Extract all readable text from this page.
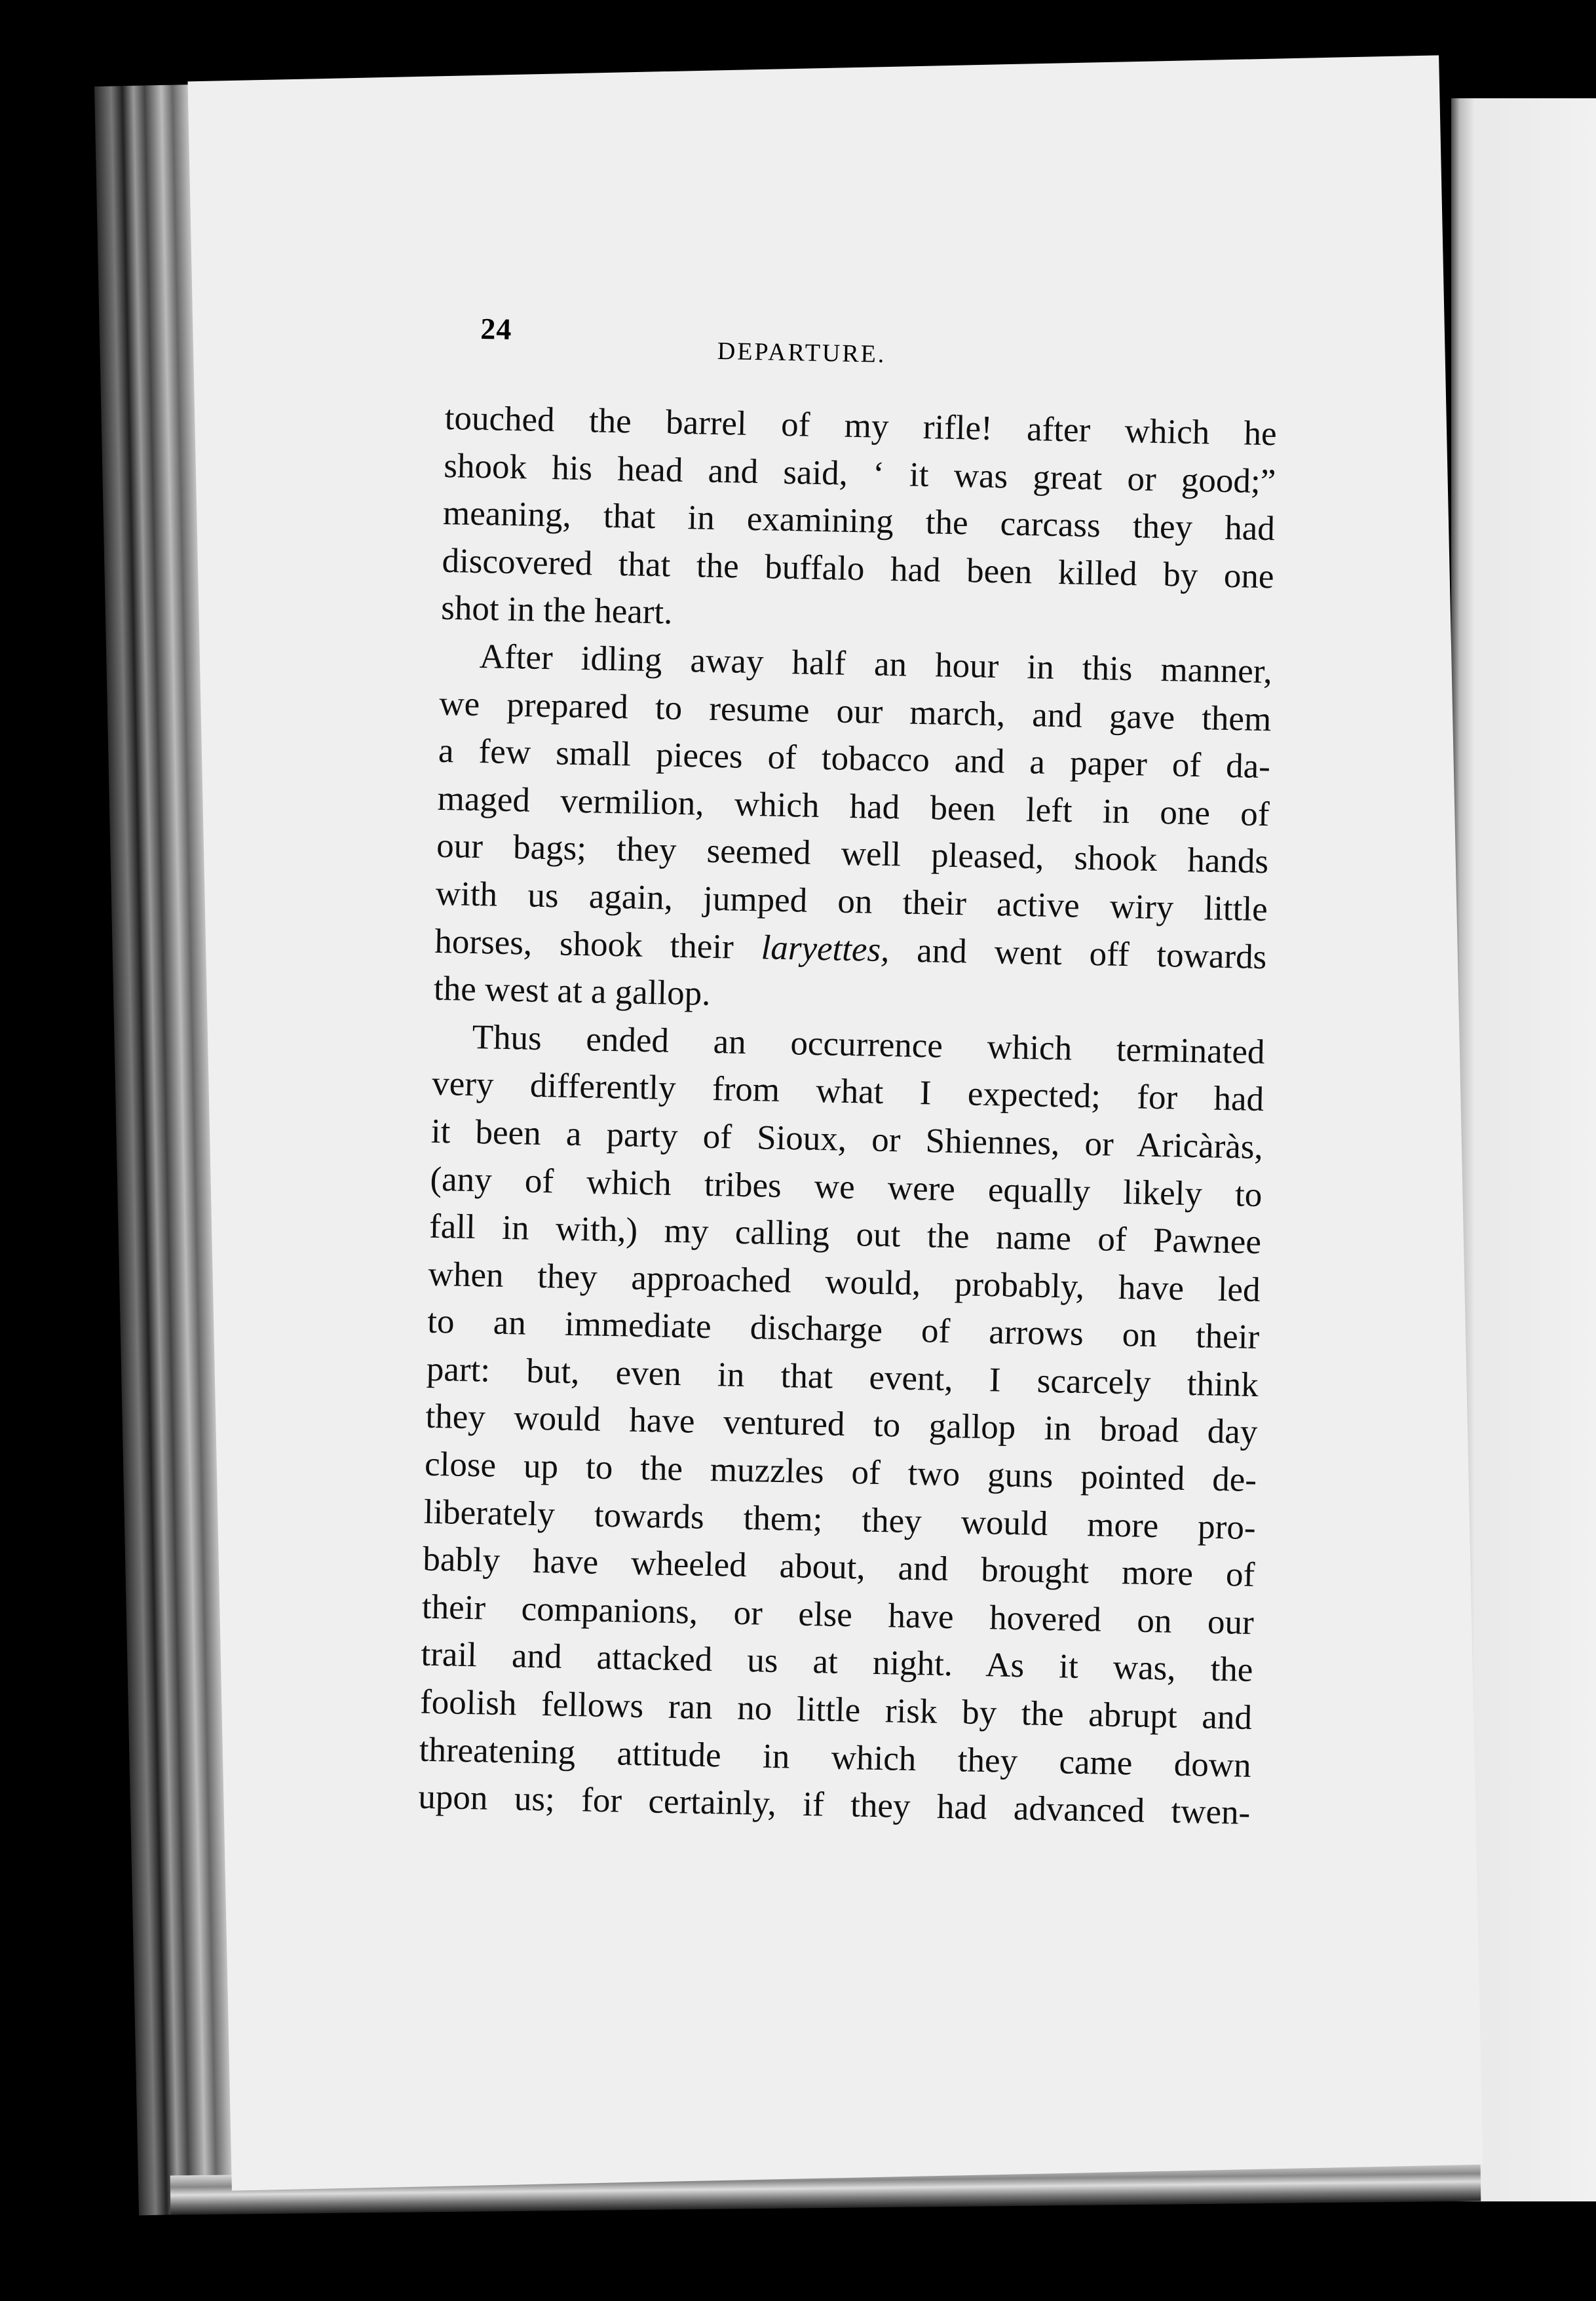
24
DEPARTURE.
touched the barrel of my rifle! after which he
shook his head and said, ‘ it was great or good;”
meaning, that in examining the carcass they had
discovered that the buffalo had been killed by one
shot in the heart.
After idling away half an hour in this manner,
we prepared to resume our march, and gave them
a few small pieces of tobacco and a paper of da-
maged vermilion, which had been left in one of
our bags; they seemed well pleased, shook hands
with us again, jumped on their active wiry little
horses, shook their laryettes, and went off towards
the west at a gallop.
Thus ended an occurrence which terminated
very differently from what I expected; for had
it been a party of Sioux, or Shiennes, or Aricàràs,
(any of which tribes we were equally likely to
fall in with,) my calling out the name of Pawnee
when they approached would, probably, have led
to an immediate discharge of arrows on their
part: but, even in that event, I scarcely think
they would have ventured to gallop in broad day
close up to the muzzles of two guns pointed de-
liberately towards them; they would more pro-
bably have wheeled about, and brought more of
their companions, or else have hovered on our
trail and attacked us at night. As it was, the
foolish fellows ran no little risk by the abrupt and
threatening attitude in which they came down
upon us; for certainly, if they had advanced twen-
